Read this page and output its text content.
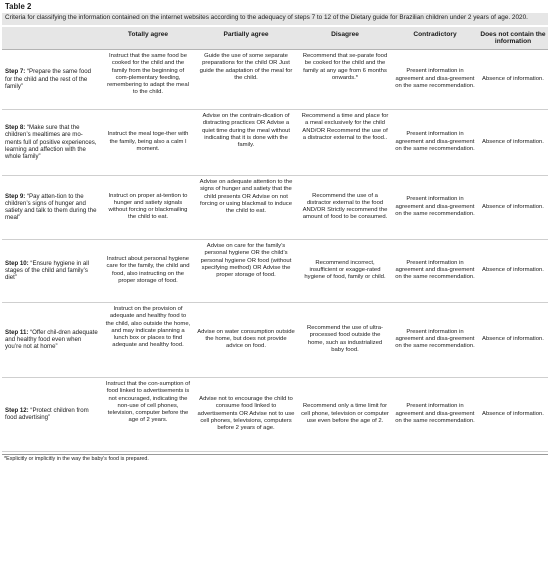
Table 2
Criteria for classifying the information contained on the internet websites according to the adequacy of steps 7 to 12 of the Dietary guide for Brazilian children under 2 years of age. 2020.
	Totally agree	Partially agree	Disagree	Contradictory	Does not contain the information
Step 7: “Prepare the same food for the child and the rest of the family”	Instruct that the same food be cooked for the child and the family from the beginning of com-plementary feeding, remembering to adapt the meal to the child.	Guide the use of some separate preparations for the child OR Just guide the adaptation of the meal for the child.	Recommend that se-parate food be cooked for the child and the family at any age from 6 months onwards.*	Present information in agreement and disa-greement on the same recommendation.	Absence of information.
Step 8: “Make sure that the children’s mealtimes are mo-ments full of positive experiences, learning and affection with the whole family”	Instruct the meal toge-ther with the family, being also a calm l moment.	Advise on the contrain-dication of distracting practices OR Advise a quiet time during the meal without indicating that it is done with the family.	Recommend a time and place for a meal exclusively for the child AND/OR Recommend the use of a distractor external to the food..	Present information in agreement and disa-greement on the same recommendation.	Absence of information.
Step 9: “Pay atten-tion to the children’s signs of hunger and satiety and talk to them during the meal”	Instruct on proper at-tention to hunger and satiety signals without forcing or blackmailing the child to eat.	Advise on adequate attention to the signs of hunger and satiety that the child presents OR Advise on not forcing or using blackmail to induce the child to eat.	Recommend the use of a distractor external to the food AND/OR Strictly recommend the amount of food to be consumed.	Present information in agreement and disa-greement on the same recommendation.	Absence of information.
Step 10: “Ensure hygiene in all stages of the child and family’s diet”	Instruct about personal hygiene care for the family, the child and food, also instructing on the proper storage of food.	Advise on care for the family’s personal hygiene OR the child’s personal hygiene OR food (without specifying method) OR Advise the proper storage of food.	Recommend incorrect, insufficient or exagge-rated hygiene of food, family or child.	Present information in agreement and disa-greement on the same recommendation.	Absence of information.
Step 11: “Offer chil-dren adequate and healthy food even when you’re not at home”	Instruct on the provision of adequate and healthy food to the child, also outside the home, and may indicate planning a lunch box or places to find adequate and healthy food.	Advise on water consumption outside the home, but does not provide advice on food.	Recommend the use of ultra-processed food outside the home, such as industrialized baby food.	Present information in agreement and disa-greement on the same recommendation.	Absence of information.
Step 12: “Protect children from food advertising”	Instruct that the con-sumption of food linked to advertisements is not encouraged, indicating the non-use of cell phones, television, computer before the age of 2 years.	Advise not to encourage the child to consume food linked to advertisements OR Advise not to use cell phones, televisions, computers before 2 years of age.	Recommend only a time limit for cell phone, television or computer use even before the age of 2.	Present information in agreement and disa-greement on the same recommendation.	Absence of information.
*Explicitly or implicitly in the way the baby’s food is prepared.
